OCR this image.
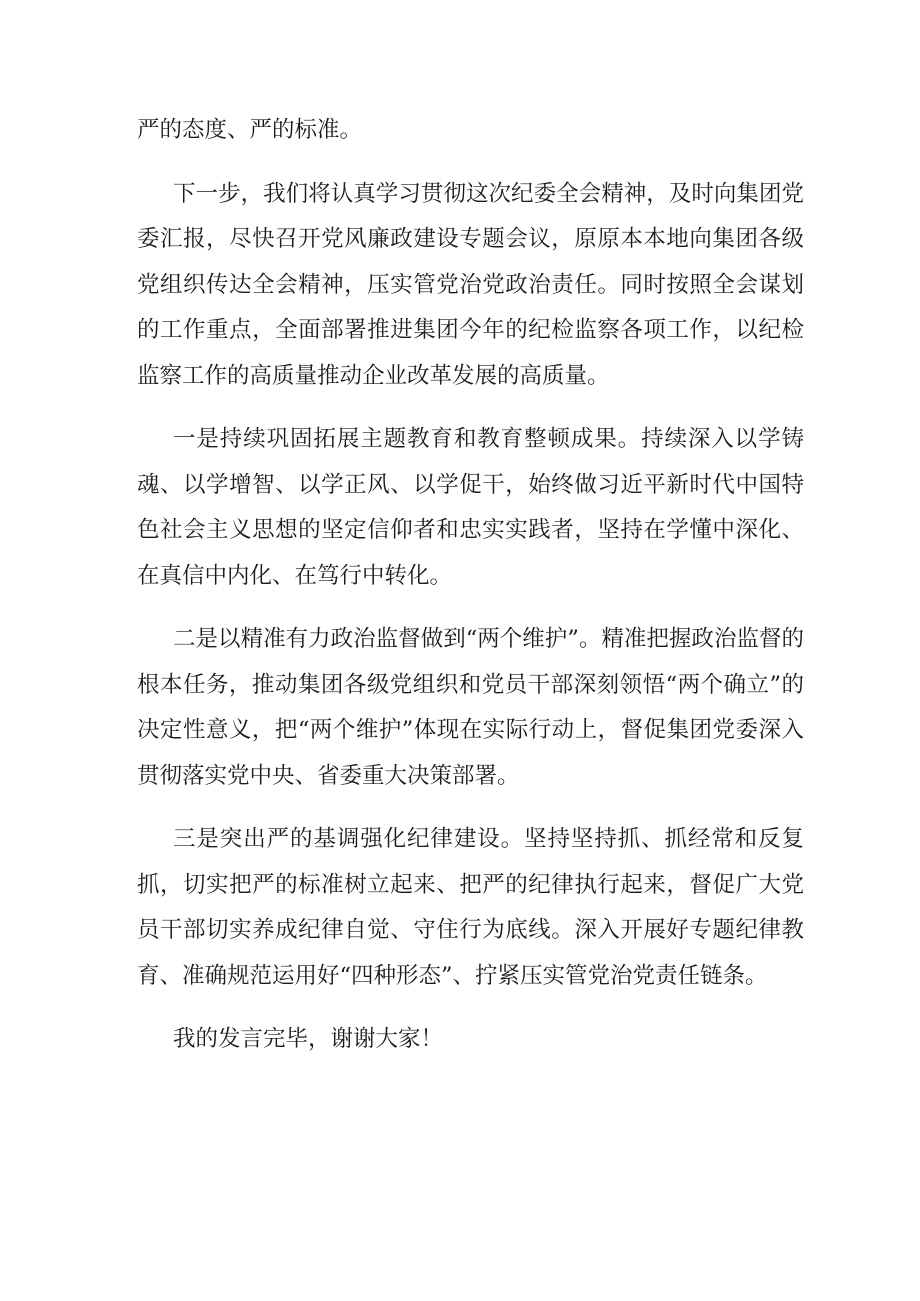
严的态度、严的标准。

下一步，我们将认真学习贯彻这次纪委全会精神，及时向集团党委汇报，尽快召开党风廉政建设专题会议，原原本本地向集团各级党组织传达全会精神，压实管党治党政治责任。同时按照全会谋划的工作重点，全面部署推进集团今年的纪检监察各项工作，以纪检监察工作的高质量推动企业改革发展的高质量。

一是持续巩固拓展主题教育和教育整顿成果。持续深入以学铸魂、以学增智、以学正风、以学促干，始终做习近平新时代中国特色社会主义思想的坚定信仰者和忠实实践者，坚持在学懂中深化、在真信中内化、在笃行中转化。

二是以精准有力政治监督做到“两个维护”。精准把握政治监督的根本任务，推动集团各级党组织和党员干部深刻领悟“两个确立”的决定性意义，把“两个维护”体现在实际行动上，督促集团党委深入贯彻落实党中央、省委重大决策部署。

三是突出严的基调强化纪律建设。坚持坚持抓、抓经常和反复抓，切实把严的标准树立起来、把严的纪律执行起来，督促广大党员干部切实养成纪律自觉、守住行为底线。深入开展好专题纪律教育、准确规范运用好“四种形态”、拧紧压实管党治党责任链条。

我的发言完毕，谢谢大家！
